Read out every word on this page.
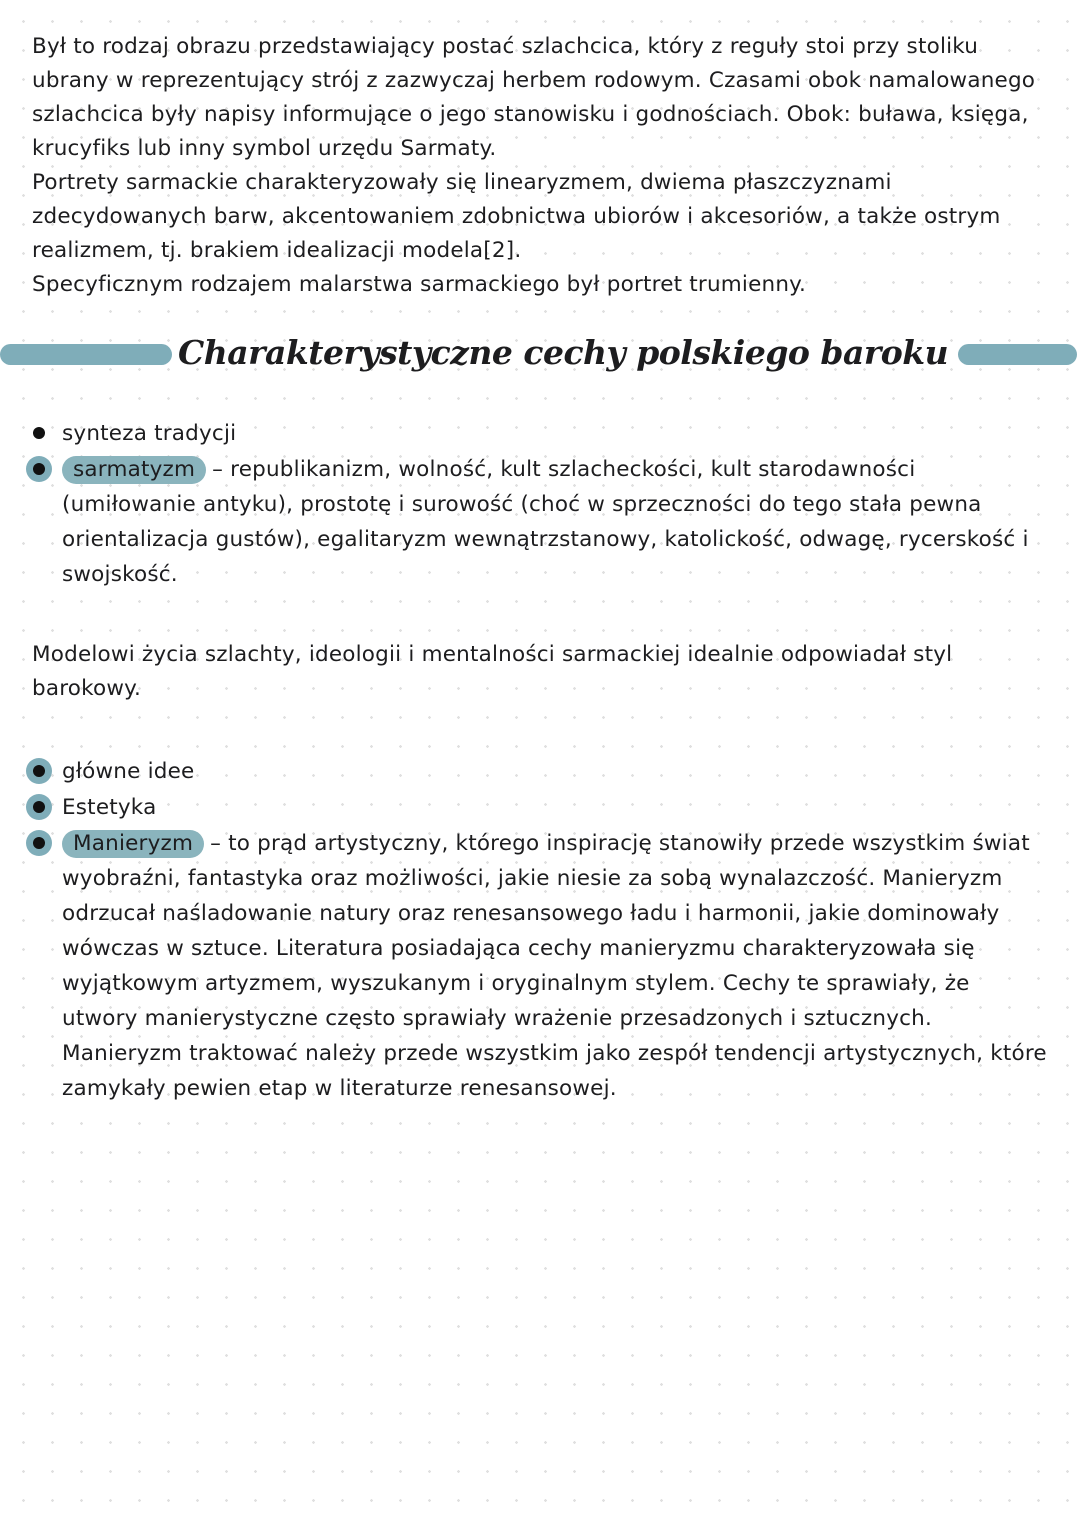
Był to rodzaj obrazu przedstawiający postać szlachcica, który z reguły stoi przy stoliku ubrany w reprezentujący strój z zazwyczaj herbem rodowym. Czasami obok namalowanego szlachcica były napisy informujące o jego stanowisku i godnościach. Obok: buława, księga, krucyfiks lub inny symbol urzędu Sarmaty.

Portrety sarmackie charakteryzowały się linearyzmem, dwiema płaszczyznami zdecydowanych barw, akcentowaniem zdobnictwa ubiorów i akcesoriów, a także ostrym realizmem, tj. brakiem idealizacji modela[2].

Specyficznym rodzajem malarstwa sarmackiego był portret trumienny.

Charakterystyczne cechy polskiego baroku
synteza tradycji
sarmatyzm – republikanizm, wolność, kult szlacheckości, kult starodawności (umiłowanie antyku), prostotę i surowość (choć w sprzeczności do tego stała pewna orientalizacja gustów), egalitaryzm wewnątrzstanowy, katolickość, odwagę, rycerskość i swojskość.

Modelowi życia szlachty, ideologii i mentalności sarmackiej idealnie odpowiadał styl barokowy.

główne idee
Estetyka
Manieryzm – to prąd artystyczny, którego inspirację stanowiły przede wszystkim świat wyobraźni, fantastyka oraz możliwości, jakie niesie za sobą wynalazczość. Manieryzm odrzucał naśladowanie natury oraz renesansowego ładu i harmonii, jakie dominowały wówczas w sztuce. Literatura posiadająca cechy manieryzmu charakteryzowała się wyjątkowym artyzmem, wyszukanym i oryginalnym stylem. Cechy te sprawiały, że utwory manierystyczne często sprawiały wrażenie przesadzonych i sztucznych. Manieryzm traktować należy przede wszystkim jako zespół tendencji artystycznych, które zamykały pewien etap w literaturze renesansowej.
